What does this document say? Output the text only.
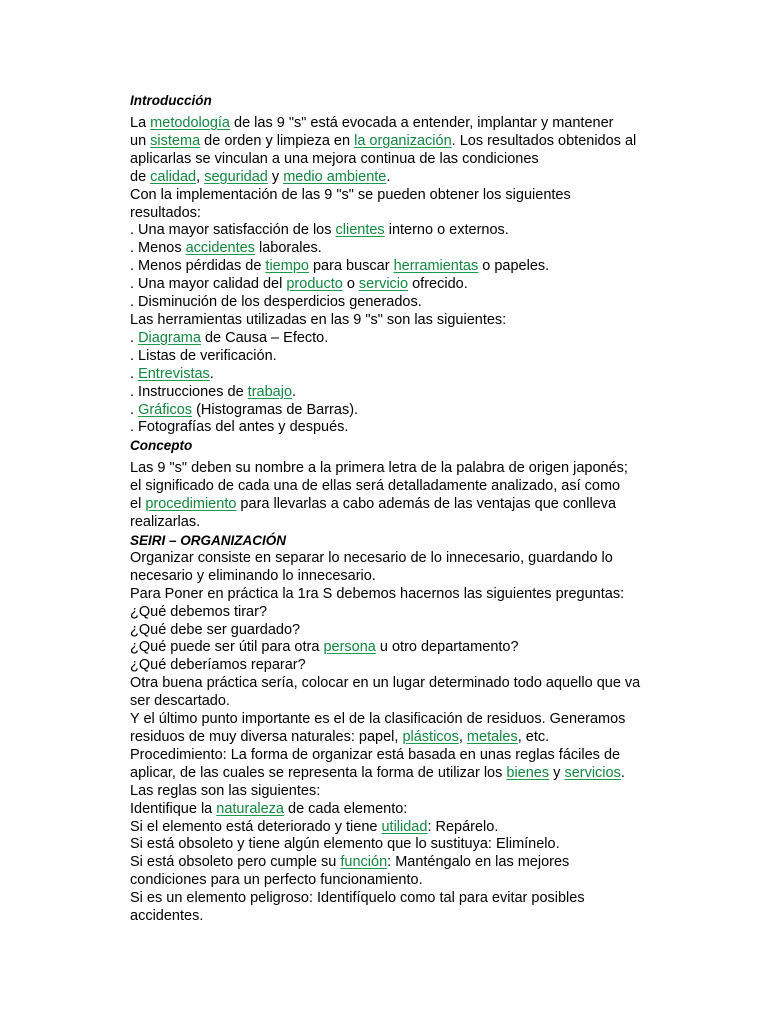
Introducción
La metodología de las 9 "s" está evocada a entender, implantar y mantener
un sistema de orden y limpieza en la organización. Los resultados obtenidos al
aplicarlas se vinculan a una mejora continua de las condiciones
de calidad, seguridad y medio ambiente.
Con la implementación de las 9 "s" se pueden obtener los siguientes
resultados:
. Una mayor satisfacción de los clientes interno o externos.
. Menos accidentes laborales.
. Menos pérdidas de tiempo para buscar herramientas o papeles.
. Una mayor calidad del producto o servicio ofrecido.
. Disminución de los desperdicios generados.
Las herramientas utilizadas en las 9 "s" son las siguientes:
. Diagrama de Causa – Efecto.
. Listas de verificación.
. Entrevistas.
. Instrucciones de trabajo.
. Gráficos (Histogramas de Barras).
. Fotografías del antes y después.
Concepto
Las 9 "s" deben su nombre a la primera letra de la palabra de origen japonés;
el significado de cada una de ellas será detalladamente analizado, así como
el procedimiento para llevarlas a cabo además de las ventajas que conlleva
realizarlas.
SEIRI – ORGANIZACIÓN
Organizar consiste en separar lo necesario de lo innecesario, guardando lo
necesario y eliminando lo innecesario.
Para Poner en práctica la 1ra S debemos hacernos las siguientes preguntas:
¿Qué debemos tirar?
¿Qué debe ser guardado?
¿Qué puede ser útil para otra persona u otro departamento?
¿Qué deberíamos reparar?
Otra buena práctica sería, colocar en un lugar determinado todo aquello que va
ser descartado.
Y el último punto importante es el de la clasificación de residuos. Generamos
residuos de muy diversa naturales: papel, plásticos, metales, etc.
Procedimiento: La forma de organizar está basada en unas reglas fáciles de
aplicar, de las cuales se representa la forma de utilizar los bienes y servicios.
Las reglas son las siguientes:
Identifique la naturaleza de cada elemento:
Si el elemento está deteriorado y tiene utilidad: Repárelo.
Si está obsoleto y tiene algún elemento que lo sustituya: Elimínelo.
Si está obsoleto pero cumple su función: Manténgalo en las mejores
condiciones para un perfecto funcionamiento.
Si es un elemento peligroso: Identifíquelo como tal para evitar posibles
accidentes.
